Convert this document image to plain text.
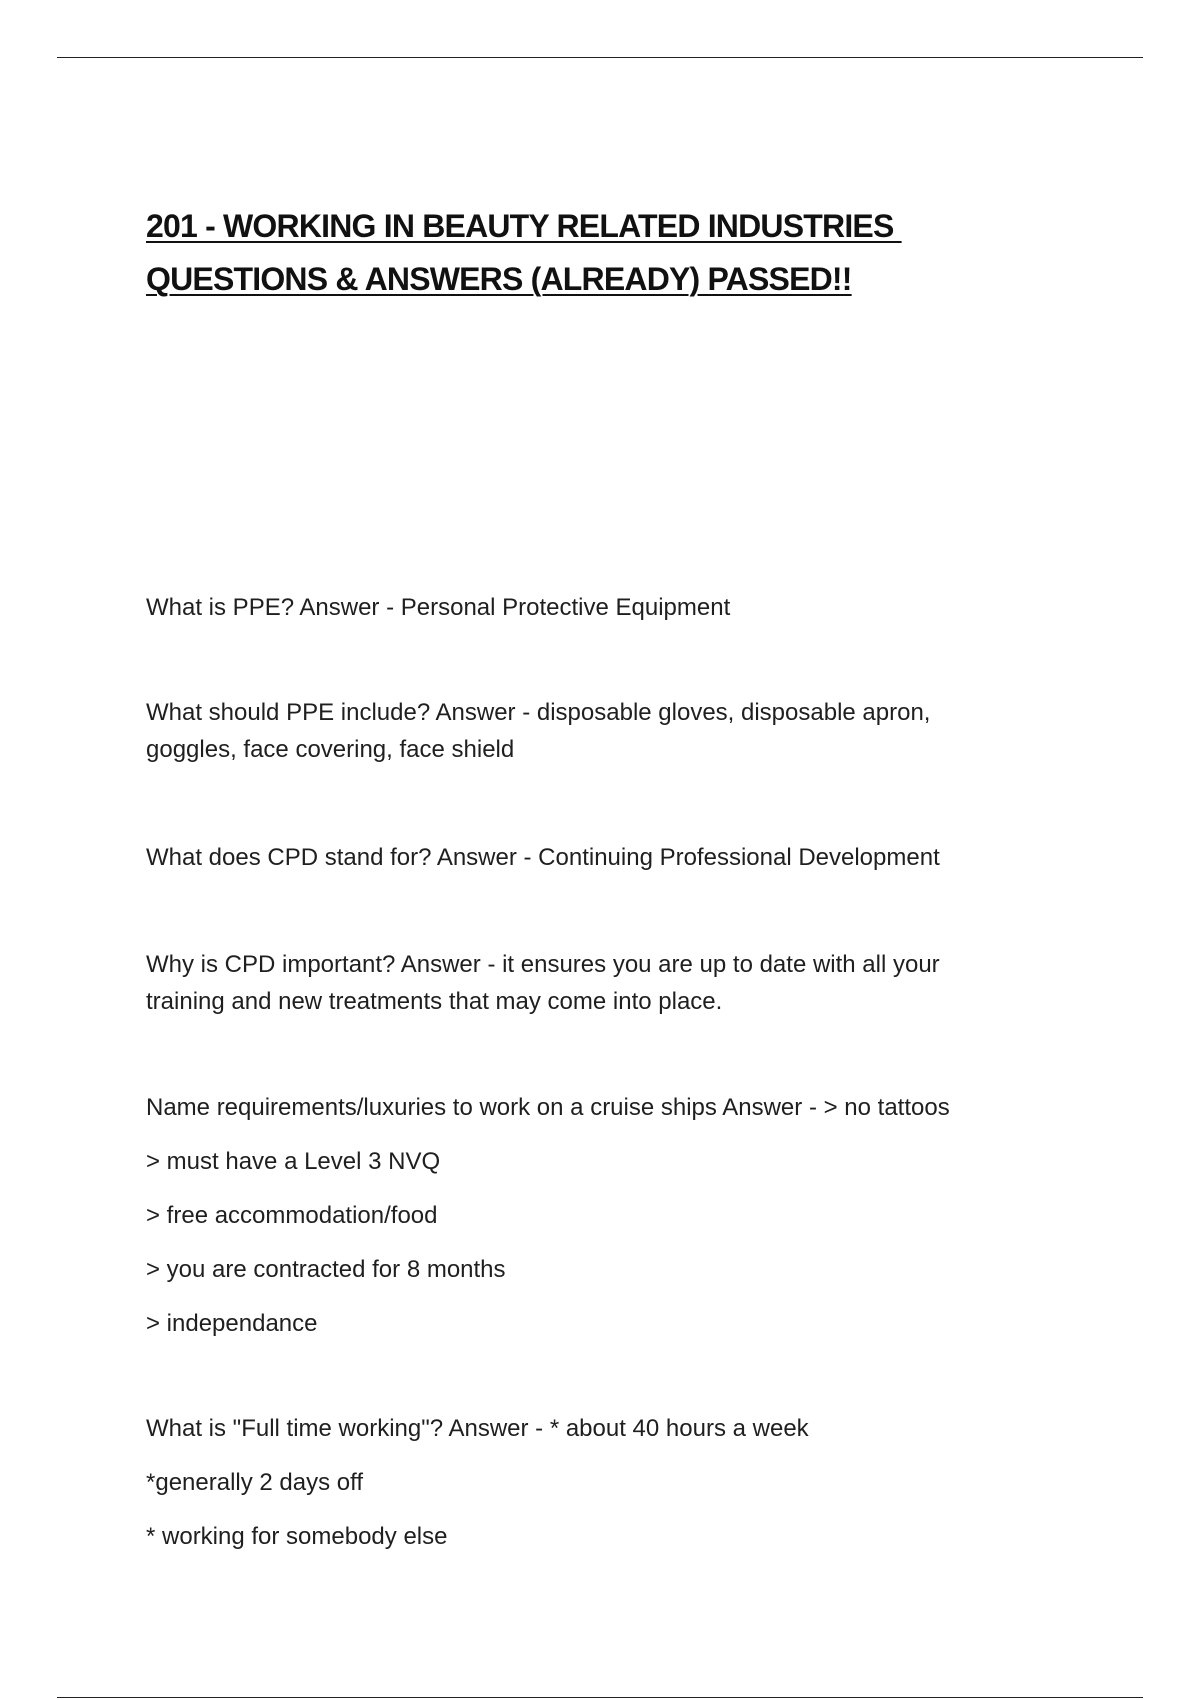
201 - WORKING IN BEAUTY RELATED INDUSTRIES
QUESTIONS & ANSWERS (ALREADY) PASSED!!
What is PPE? Answer - Personal Protective Equipment
What should PPE include? Answer - disposable gloves, disposable apron,
goggles, face covering, face shield
What does CPD stand for? Answer - Continuing Professional Development
Why is CPD important? Answer - it ensures you are up to date with all your
training and new treatments that may come into place.
Name requirements/luxuries to work on a cruise ships Answer - > no tattoos
> must have a Level 3 NVQ
> free accommodation/food
> you are contracted for 8 months
> independance
What is "Full time working"? Answer - * about 40 hours a week
*generally 2 days off
* working for somebody else
